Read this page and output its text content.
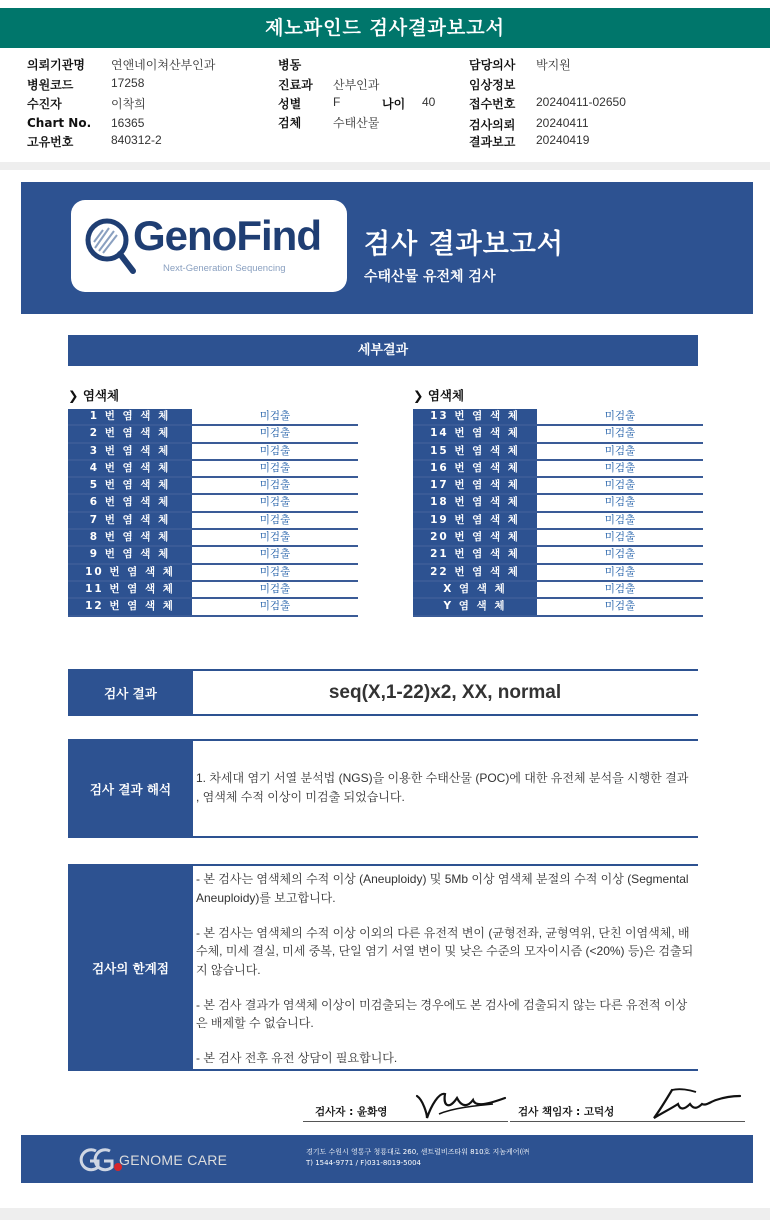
제노파인드 검사결과보고서
의뢰기관명 연앤네이쳐산부인과
병원코드	17258
수진자	이착희
Chart No. 16365
고유번호	840312-2
병동
진료과 산부인과
성별	F	나이 40
검체	수태산물
담당의사 박지원
임상정보
접수번호 20240411-02650
검사의뢰 20240411
결과보고 20240419
GenoFind
Next-Generation Sequencing
검사 결과보고서
수태산물 유전체 검사
세부결과
❯ 염색체	❯ 염색체
1 번 염 색 체	미검출
2 번 염 색 체	미검출
3 번 염 색 체	미검출
4 번 염 색 체	미검출
5 번 염 색 체	미검출
6 번 염 색 체	미검출
7 번 염 색 체	미검출
8 번 염 색 체	미검출
9 번 염 색 체	미검출
10 번 염 색 체	미검출
11 번 염 색 체	미검출
12 번 염 색 체	미검출
13 번 염 색 체	미검출
14 번 염 색 체	미검출
15 번 염 색 체	미검출
16 번 염 색 체	미검출
17 번 염 색 체	미검출
18 번 염 색 체	미검출
19 번 염 색 체	미검출
20 번 염 색 체	미검출
21 번 염 색 체	미검출
22 번 염 색 체	미검출
X 염 색 체	미검출
Y 염 색 체	미검출
검사 결과	seq(X,1-22)x2, XX, normal
검사 결과 해석
1. 차세대 염기 서열 분석법 (NGS)을 이용한 수태산물 (POC)에 대한 유전체 분석을 시행한 결과 , 염색체 수적 이상이 미검출 되었습니다.
검사의 한계점

- 본 검사는 염색체의 수적 이상 (Aneuploidy) 및 5Mb 이상 염색체 분절의 수적 이상 (Segmental Aneuploidy)를 보고합니다.

- 본 검사는 염색체의 수적 이상 이외의 다른 유전적 변이 (균형전좌, 균형역위, 단친 이염색체, 배수체, 미세 결실, 미세 중복, 단일 염기 서열 변이 및 낮은 수준의 모자이시즘 (<20%) 등)은 검출되지 않습니다.

- 본 검사 결과가 염색체 이상이 미검출되는 경우에도 본 검사에 검출되지 않는 다른 유전적 이상은 배제할 수 없습니다.

- 본 검사 전후 유전 상담이 필요합니다.

검사자 : 윤화영	검사 책임자 : 고덕성
GENOME CARE	경기도 수원시 영통구 청룡대로 260, 센트럴비즈타워 810호 지놈케어(㈜
T) 1544-9771 / F)031-8019-5004
